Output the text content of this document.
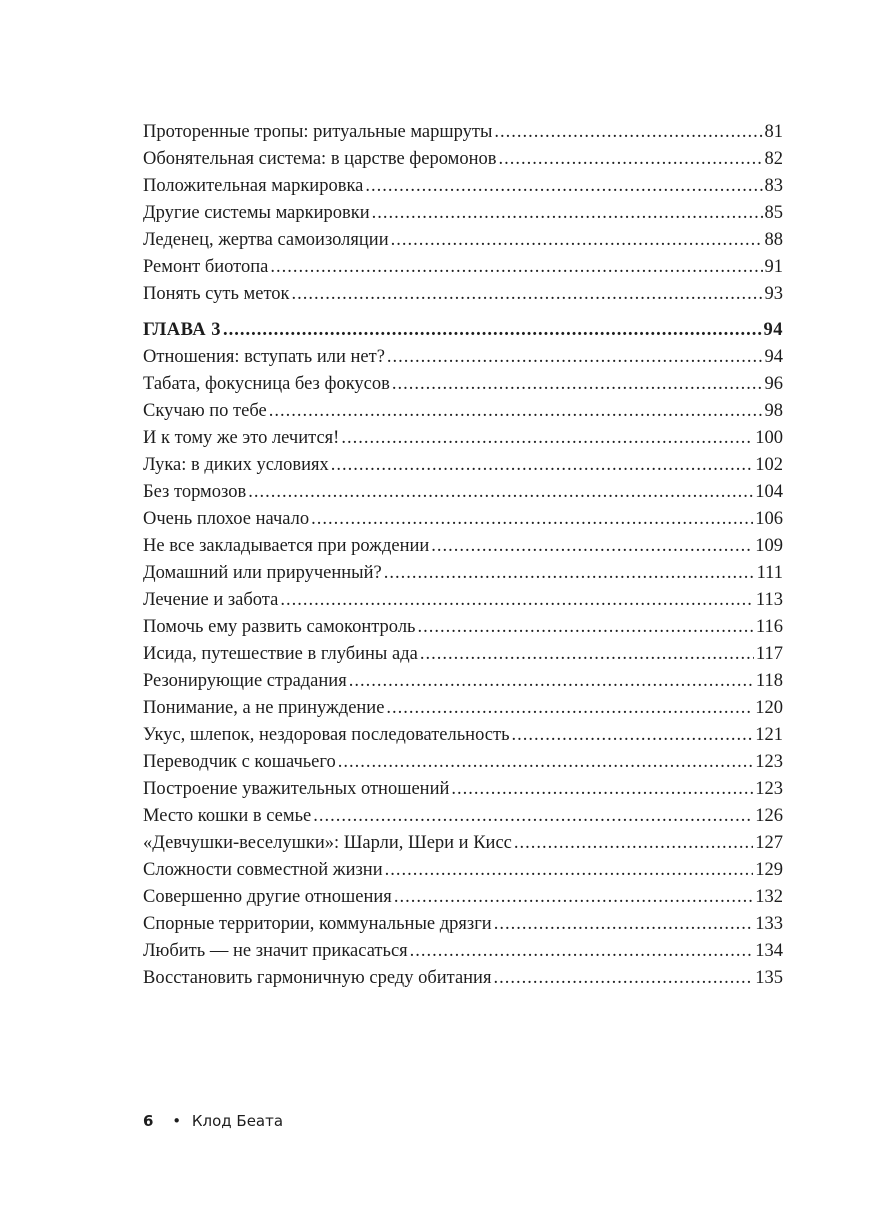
Проторенные тропы: ритуальные маршруты .....	81
Обонятельная система: в царстве феромонов .....	82
Положительная маркировка .....	83
Другие системы маркировки .....	85
Леденец, жертва самоизоляции .....	88
Ремонт биотопа .....	91
Понять суть меток .....	93
ГЛАВА 3 .....	94
Отношения: вступать или нет? .....	94
Табата, фокусница без фокусов .....	96
Скучаю по тебе .....	98
И к тому же это лечится! .....	100
Лука: в диких условиях .....	102
Без тормозов .....	104
Очень плохое начало .....	106
Не все закладывается при рождении .....	109
Домашний или прирученный? .....	111
Лечение и забота .....	113
Помочь ему развить самоконтроль .....	116
Исида, путешествие в глубины ада .....	117
Резонирующие страдания .....	118
Понимание, а не принуждение .....	120
Укус, шлепок, нездоровая последовательность .....	121
Переводчик с кошачьего .....	123
Построение уважительных отношений .....	123
Место кошки в семье .....	126
«Девчушки-веселушки»: Шарли, Шери и Кисс .....	127
Сложности совместной жизни .....	129
Совершенно другие отношения .....	132
Спорные территории, коммунальные дрязги .....	133
Любить — не значит прикасаться .....	134
Восстановить гармоничную среду обитания .....	135
6 • Клод Беата
